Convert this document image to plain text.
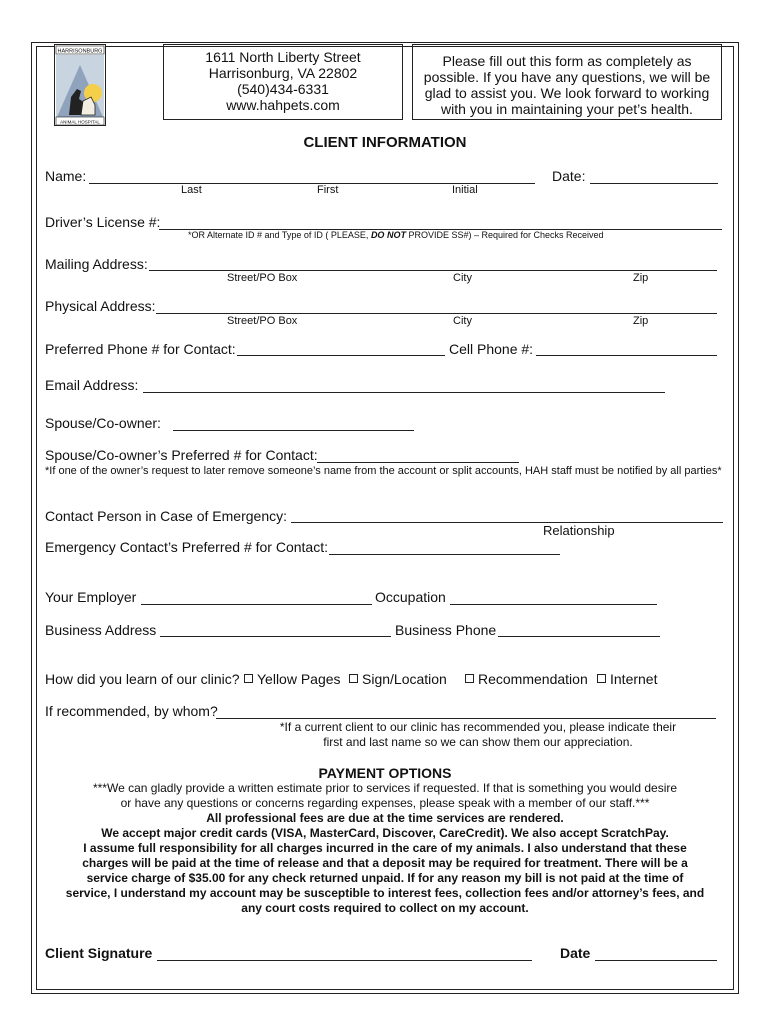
HARRISONBURG
ANIMAL HOSPITAL
1611 North Liberty Street
Harrisonburg, VA 22802
(540)434-6331
www.hahpets.com
Please fill out this form as completely as
possible. If you have any questions, we will be
glad to assist you. We look forward to working
with you in maintaining your pet’s health.
CLIENT INFORMATION
Name:	Date:
Last	First	Initial
Driver’s License #:
*OR Alternate ID # and Type of ID ( PLEASE, DO NOT PROVIDE SS#) – Required for Checks Received
Mailing Address:
Street/PO Box	City	Zip
Physical Address:
Street/PO Box	City	Zip
Preferred Phone # for Contact:	Cell Phone #:
Email Address:
Spouse/Co-owner:
Spouse/Co-owner’s Preferred # for Contact:
*If one of the owner’s request to later remove someone’s name from the account or split accounts, HAH staff must be notified by all parties*
Contact Person in Case of Emergency:
Relationship
Emergency Contact’s Preferred # for Contact:
Your Employer	Occupation
Business Address	Business Phone
How did you learn of our clinic?	Yellow Pages	Sign/Location	Recommendation	Internet
If recommended, by whom?
*If a current client to our clinic has recommended you, please indicate their
first and last name so we can show them our appreciation.
PAYMENT OPTIONS
***We can gladly provide a written estimate prior to services if requested. If that is something you would desire
or have any questions or concerns regarding expenses, please speak with a member of our staff.***
All professional fees are due at the time services are rendered.
We accept major credit cards (VISA, MasterCard, Discover, CareCredit). We also accept ScratchPay.
I assume full responsibility for all charges incurred in the care of my animals. I also understand that these
charges will be paid at the time of release and that a deposit may be required for treatment. There will be a
service charge of $35.00 for any check returned unpaid. If for any reason my bill is not paid at the time of
service, I understand my account may be susceptible to interest fees, collection fees and/or attorney’s fees, and
any court costs required to collect on my account.
Client Signature	Date
